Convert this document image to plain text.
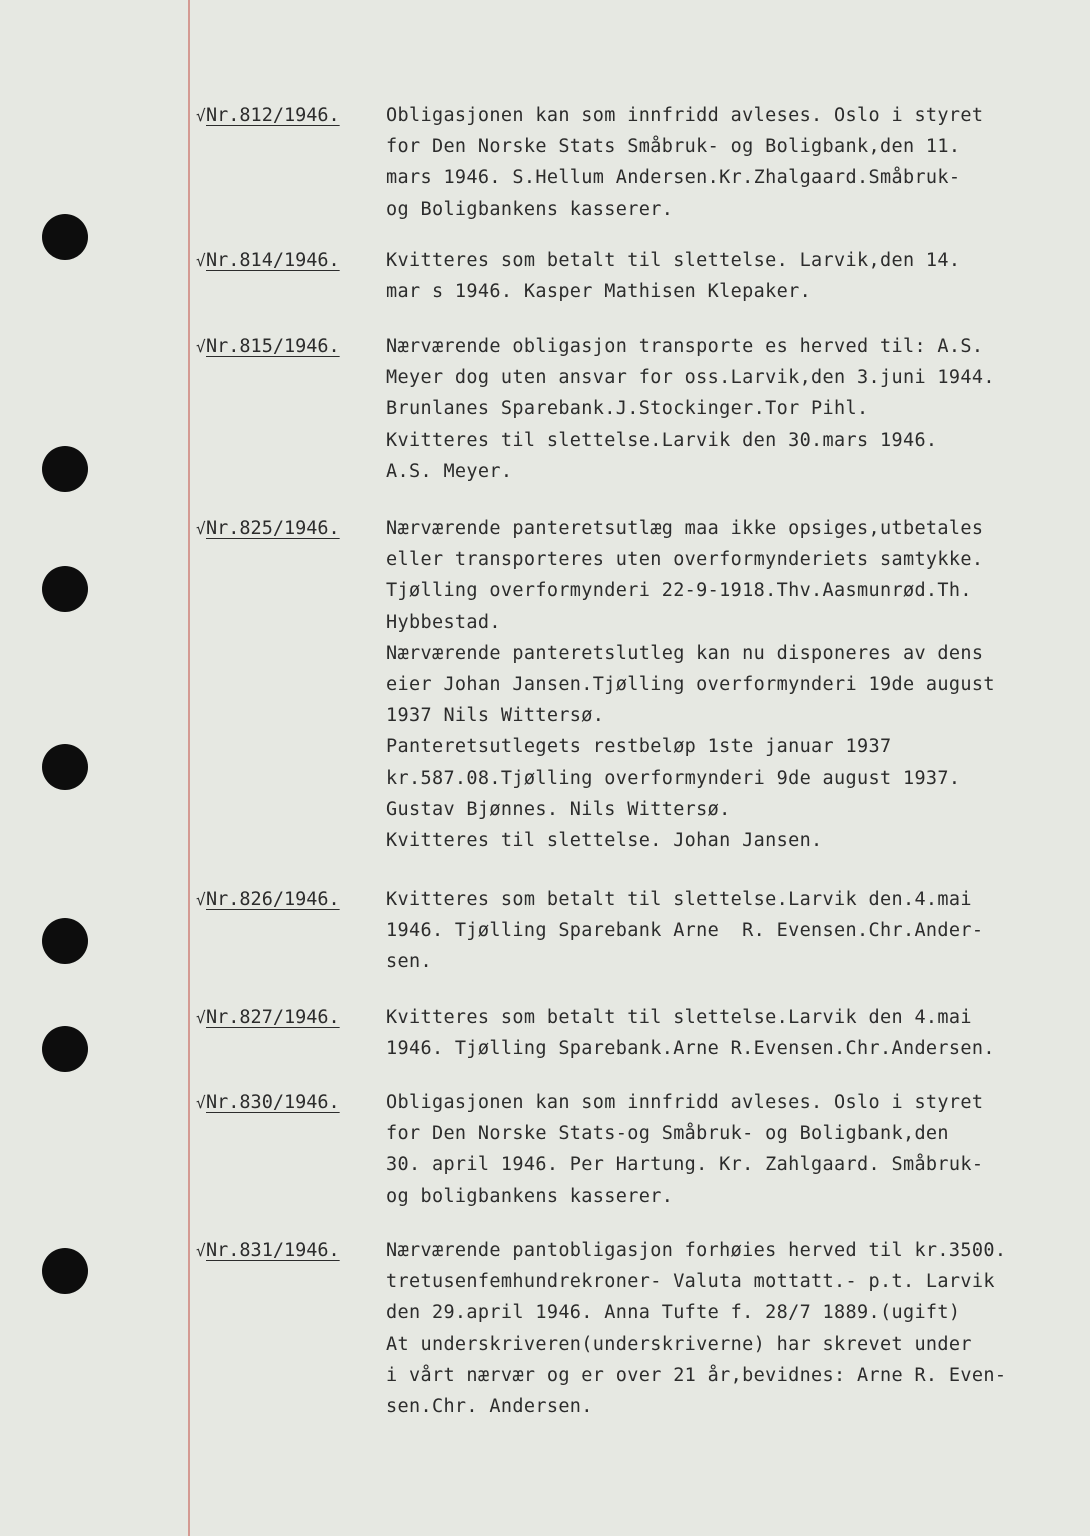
√Nr.812/1946.	Obligasjonen kan som innfridd avleses. Oslo i styret
for Den Norske Stats Småbruk- og Boligbank,den 11.
mars 1946. S.Hellum Andersen.Kr.Zhalgaard.Småbruk-
og Boligbankens kasserer.
√Nr.814/1946.	Kvitteres som betalt til slettelse. Larvik,den 14.
mar s 1946. Kasper Mathisen Klepaker.
√Nr.815/1946.	Nærværende obligasjon transporte es herved til: A.S.
Meyer dog uten ansvar for oss.Larvik,den 3.juni 1944.
Brunlanes Sparebank.J.Stockinger.Tor Pihl.
Kvitteres til slettelse.Larvik den 30.mars 1946.
A.S. Meyer.
√Nr.825/1946.	Nærværende panteretsutlæg maa ikke opsiges,utbetales
eller transporteres uten overformynderiets samtykke.
Tjølling overformynderi 22-9-1918.Thv.Aasmunrød.Th.
Hybbestad.
Nærværende panteretslutleg kan nu disponeres av dens
eier Johan Jansen.Tjølling overformynderi 19de august
1937 Nils Wittersø.
Panteretsutlegets restbeløp 1ste januar 1937
kr.587.08.Tjølling overformynderi 9de august 1937.
Gustav Bjønnes. Nils Wittersø.
Kvitteres til slettelse. Johan Jansen.
√Nr.826/1946.	Kvitteres som betalt til slettelse.Larvik den.4.mai
1946. Tjølling Sparebank Arne  R. Evensen.Chr.Ander-
sen.
√Nr.827/1946.	Kvitteres som betalt til slettelse.Larvik den 4.mai
1946. Tjølling Sparebank.Arne R.Evensen.Chr.Andersen.
√Nr.830/1946.	Obligasjonen kan som innfridd avleses. Oslo i styret
for Den Norske Stats-og Småbruk- og Boligbank,den
30. april 1946. Per Hartung. Kr. Zahlgaard. Småbruk-
og boligbankens kasserer.
√Nr.831/1946.	Nærværende pantobligasjon forhøies herved til kr.3500.
tretusenfemhundrekroner- Valuta mottatt.- p.t. Larvik
den 29.april 1946. Anna Tufte f. 28/7 1889.(ugift)
At underskriveren(underskriverne) har skrevet under
i vårt nærvær og er over 21 år,bevidnes: Arne R. Even-
sen.Chr. Andersen.
